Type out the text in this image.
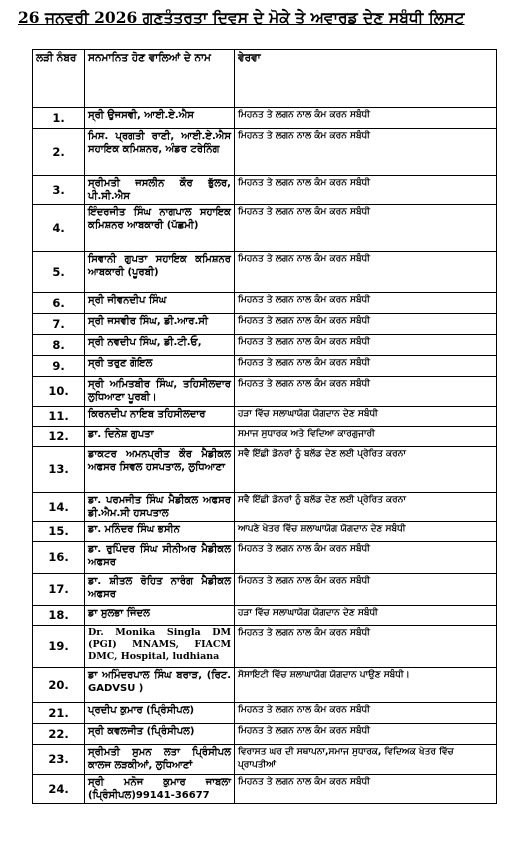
26 ਜਨਵਰੀ 2026 ਗਣਤੰਤਰਤਾ ਦਿਵਸ ਦੇ ਮੋਕੇ ਤੇ ਅਵਾਰਡ ਦੇਣ ਸਬੰਧੀ ਲਿਸਟ
ਲੜੀ ਨੰਬਰ	ਸਨਮਾਨਿਤ ਹੋਣ ਵਾਲਿਆਂ ਦੇ ਨਾਮ	ਵੇਰਵਾ
1.	ਸ੍ਰੀ ਉਜਸਵੀ, ਆਈ.ਏ.ਐਸ	ਮਿਹਨਤ ਤੇ ਲਗਨ ਨਾਲ ਕੰਮ ਕਰਨ ਸਬੰਧੀ
2.	ਮਿਸ. ਪ੍ਰਗਤੀ ਰਾਣੀ, ਆਈ.ਏ.ਐਸ ਸਹਾਇਕ ਕਮਿਸ਼ਨਰ, ਅੰਡਰ ਟਰੇਨਿੰਗ	ਮਿਹਨਤ ਤੇ ਲਗਨ ਨਾਲ ਕੰਮ ਕਰਨ ਸਬੰਧੀ
3.	ਸ੍ਰੀਮਤੀ ਜਸਲੀਨ ਕੌਰ ਭੁੱਲਰ, ਪੀ.ਸੀ.ਐਸ	ਮਿਹਨਤ ਤੇ ਲਗਨ ਨਾਲ ਕੰਮ ਕਰਨ ਸਬੰਧੀ
4.	ਇੰਦਰਜੀਤ ਸਿੰਘ ਨਾਗਪਾਲ ਸਹਾਇਕ ਕਮਿਸ਼ਨਰ ਆਬਕਾਰੀ (ਪੱਛਮੀ)	ਮਿਹਨਤ ਤੇ ਲਗਨ ਨਾਲ ਕੰਮ ਕਰਨ ਸਬੰਧੀ
5.	ਸਿਵਾਨੀ ਗੁਪਤਾ ਸਹਾਇਕ ਕਮਿਸ਼ਨਰ ਆਬਕਾਰੀ (ਪੂਰਬੀ)	ਮਿਹਨਤ ਤੇ ਲਗਨ ਨਾਲ ਕੰਮ ਕਰਨ ਸਬੰਧੀ
6.	ਸ੍ਰੀ ਜੀਵਨਦੀਪ ਸਿੰਘ	ਮਿਹਨਤ ਤੇ ਲਗਨ ਨਾਲ ਕੰਮ ਕਰਨ ਸਬੰਧੀ
7.	ਸ੍ਰੀ ਜਸਵੀਰ ਸਿੰਘ, ਡੀ.ਆਰ.ਸੀ	ਮਿਹਨਤ ਤੇ ਲਗਨ ਨਾਲ ਕੰਮ ਕਰਨ ਸਬੰਧੀ
8.	ਸ੍ਰੀ ਨਵਦੀਪ ਸਿੰਘ, ਡੀ.ਟੀ.ਓ,	ਮਿਹਨਤ ਤੇ ਲਗਨ ਨਾਲ ਕੰਮ ਕਰਨ ਸਬੰਧੀ
9.	ਸ੍ਰੀ ਤਰੁਣ ਗੋਇਲ	ਮਿਹਨਤ ਤੇ ਲਗਨ ਨਾਲ ਕੰਮ ਕਰਨ ਸਬੰਧੀ
10.	ਸ੍ਰੀ ਅਮਿਤਬੀਰ ਸਿੰਘ, ਤਹਿਸੀਲਦਾਰ ਲੁਧਿਆਣਾ ਪੂਰਬੀ।	ਮਿਹਨਤ ਤੇ ਲਗਨ ਨਾਲ ਕੰਮ ਕਰਨ ਸਬੰਧੀ
11.	ਕਿਰਨਦੀਪ ਨਾਇਬ ਤਹਿਸੀਲਦਾਰ	ਹੜਾ ਵਿੱਚ ਸਲਾਘਾਯੋਗ ਯੋਗਦਾਨ ਦੇਣ ਸਬੰਧੀ
12.	ਡਾ. ਦਿਨੇਸ਼ ਗੁਪਤਾ	ਸਮਾਜ ਸੁਧਾਰਕ ਅਤੇ ਵਿਦਿਆ ਕਾਰਗੁਜਾਰੀ
13.	ਡਾਕਟਰ ਅਮਨਪ੍ਰੀਤ ਕੌਰ ਮੈਡੀਕਲ ਅਫਸਰ ਸਿਵਲ ਹਸਪਤਾਲ, ਲੁਧਿਆਣਾ	ਸਵੈ ਇੱਛੀ ਡੋਨਰਾਂ ਨੂੰ ਬਲੱਡ ਦੇਣ ਲਈ ਪ੍ਰੇਰਿਤ ਕਰਨਾ
14.	ਡਾ. ਪਰਮਜੀਤ ਸਿੰਘ ਮੈਡੀਕਲ ਅਫਸਰ ਡੀ.ਐਮ.ਸੀ ਹਸਪਤਾਲ	ਸਵੈ ਇੱਛੀ ਡੋਨਰਾਂ ਨੂੰ ਬਲੱਡ ਦੇਣ ਲਈ ਪ੍ਰੇਰਿਤ ਕਰਨਾ
15.	ਡਾ. ਮਨਿੰਦਰ ਸਿੰਘ ਭਸੀਨ	ਆਪਣੇ ਖੇਤਰ ਵਿੱਚ ਸ਼ਲਾਘਾਯੋਗ ਯੋਗਦਾਨ ਦੇਣ ਸਬੰਧੀ
16.	ਡਾ. ਰੁਪਿੰਦਰ ਸਿੰਘ ਸੀਨੀਅਰ ਮੈਡੀਕਲ ਅਫਸਰ	ਮਿਹਨਤ ਤੇ ਲਗਨ ਨਾਲ ਕੰਮ ਕਰਨ ਸਬੰਧੀ
17.	ਡਾ. ਸ਼ੀਤਲ ਰੋਹਿਤ ਨਾਰੰਗ ਮੈਡੀਕਲ ਅਫਸਰ	ਮਿਹਨਤ ਤੇ ਲਗਨ ਨਾਲ ਕੰਮ ਕਰਨ ਸਬੰਧੀ
18.	ਡਾ ਸੁਲਭਾ ਜਿੰਦਲ	ਹੜਾ ਵਿੱਚ ਸਲਾਘਾਯੋਗ ਯੋਗਦਾਨ ਦੇਣ ਸਬੰਧੀ
19.	Dr. Monika Singla DM (PGI) MNAMS, FIACM DMC, Hospital, ludhiana	ਮਿਹਨਤ ਤੇ ਲਗਨ ਨਾਲ ਕੰਮ ਕਰਨ ਸਬੰਧੀ
20.	ਡਾ ਅਮਿੰਦਰਪਾਲ ਸਿੰਘ ਬਰਾੜ, (ਰਿਟ. GADVSU )	ਸੋਸਾਇਟੀ ਵਿੱਚ ਸ਼ਲਾਘਾਯੋਗ ਯੋਗਦਾਨ ਪਾਉਣ ਸਬੰਧੀ।
21.	ਪ੍ਰਦੀਪ ਕੁਮਾਰ (ਪ੍ਰਿੰਸੀਪਲ)	ਮਿਹਨਤ ਤੇ ਲਗਨ ਨਾਲ ਕੰਮ ਕਰਨ ਸਬੰਧੀ
22.	ਸ੍ਰੀ ਕਵਲਜੀਤ (ਪ੍ਰਿੰਸੀਪਲ)	ਮਿਹਨਤ ਤੇ ਲਗਨ ਨਾਲ ਕੰਮ ਕਰਨ ਸਬੰਧੀ
23.	ਸ੍ਰੀਮਤੀ ਸੁਮਨ ਲਤਾ ਪ੍ਰਿੰਸੀਪਲ ਕਾਲਜ ਲੜਕੀਆਂ, ਲੁਧਿਆਣਾਂ	ਵਿਰਾਸਤ ਘਰ ਦੀ ਸਥਾਪਨਾ,ਸਮਾਜ ਸੁਧਾਰਕ, ਵਿਦਿਅਕ ਖੇਤਰ ਵਿੱਚ ਪ੍ਰਾਪਤੀਆਂ
24.	ਸ੍ਰੀ ਮਨੋਜ ਕੁਮਾਰ ਜਾਬਲਾ (ਪ੍ਰਿੰਸੀਪਲ)99141-36677	ਮਿਹਨਤ ਤੇ ਲਗਨ ਨਾਲ ਕੰਮ ਕਰਨ ਸਬੰਧੀ
